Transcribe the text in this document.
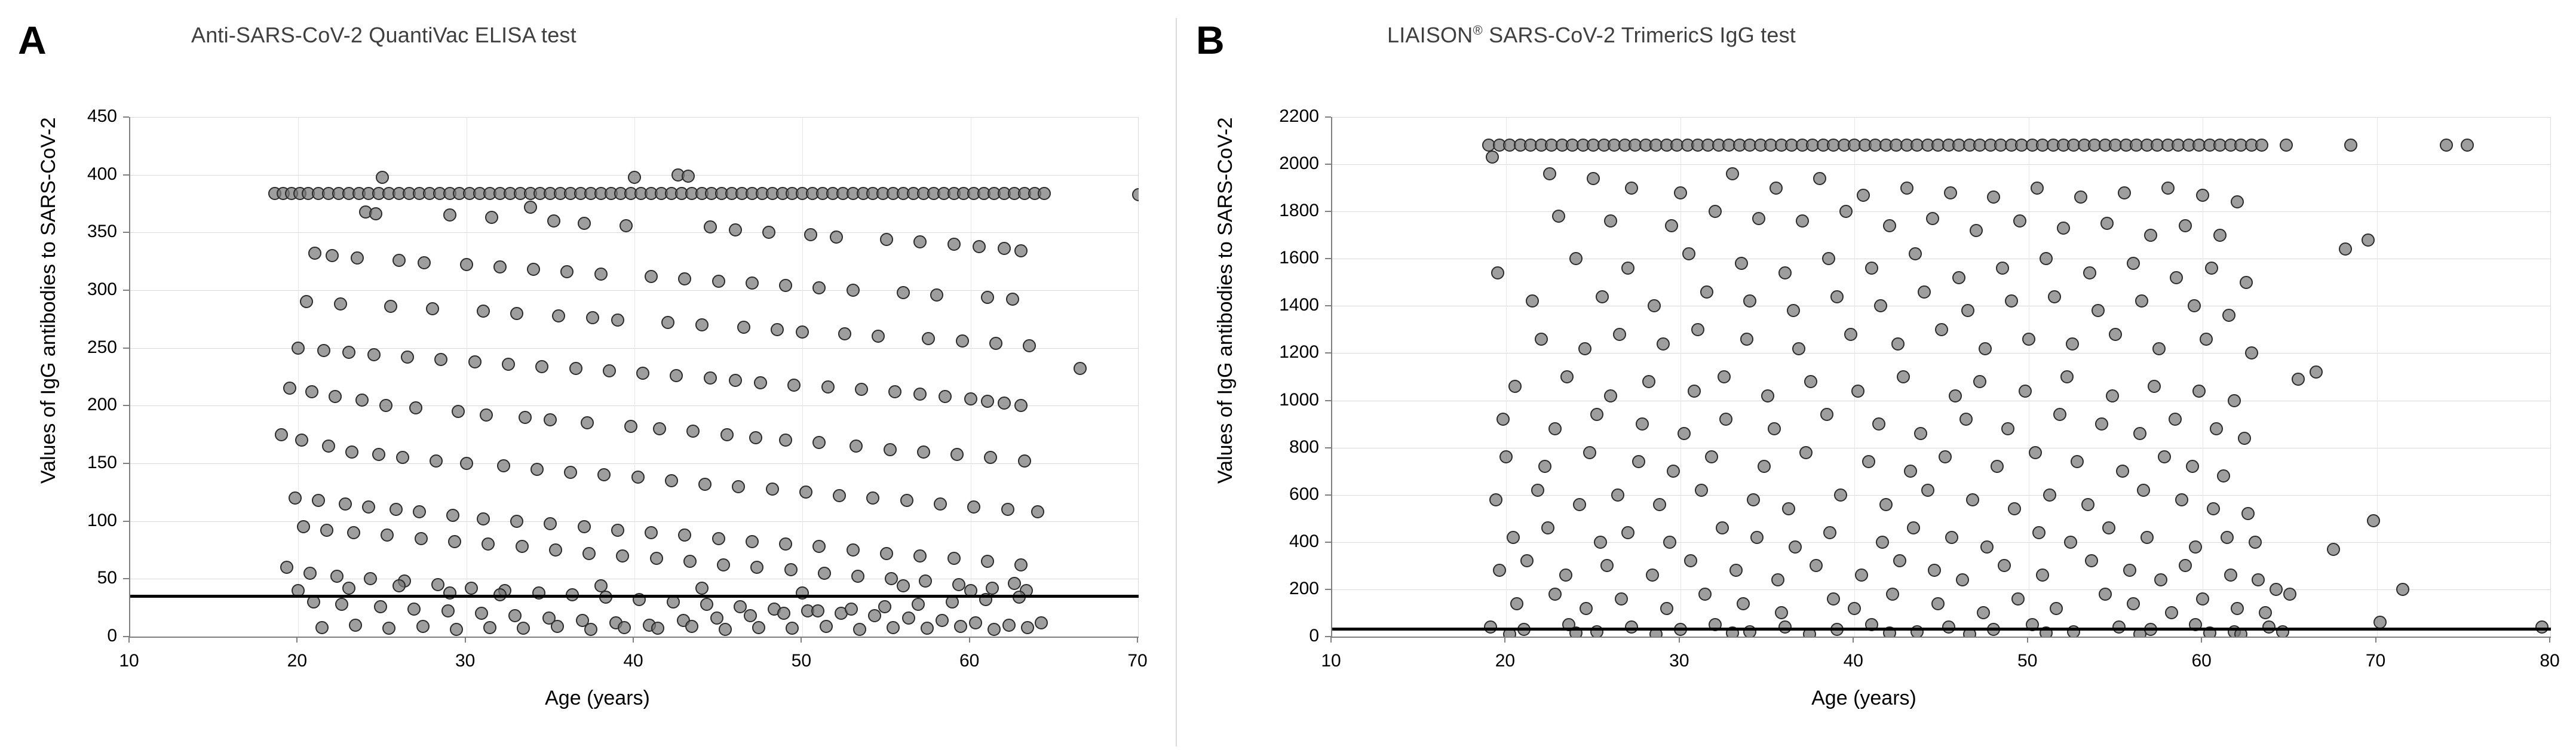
A	Anti-SARS-CoV-2 QuantiVac ELISA test
Values of IgG antibodies to SARS-CoV-2
Age (years)
0
50
100
150
200
250
300
350
400
450
10	20	30	40	50	60	70
B	LIAISON® SARS-CoV-2 TrimericS IgG test
Values of IgG antibodies to SARS-CoV-2
Age (years)
0
200
400
600
800
1000
1200
1400
1600
1800
2000
2200
10	20	30	40	50	60	70	80
